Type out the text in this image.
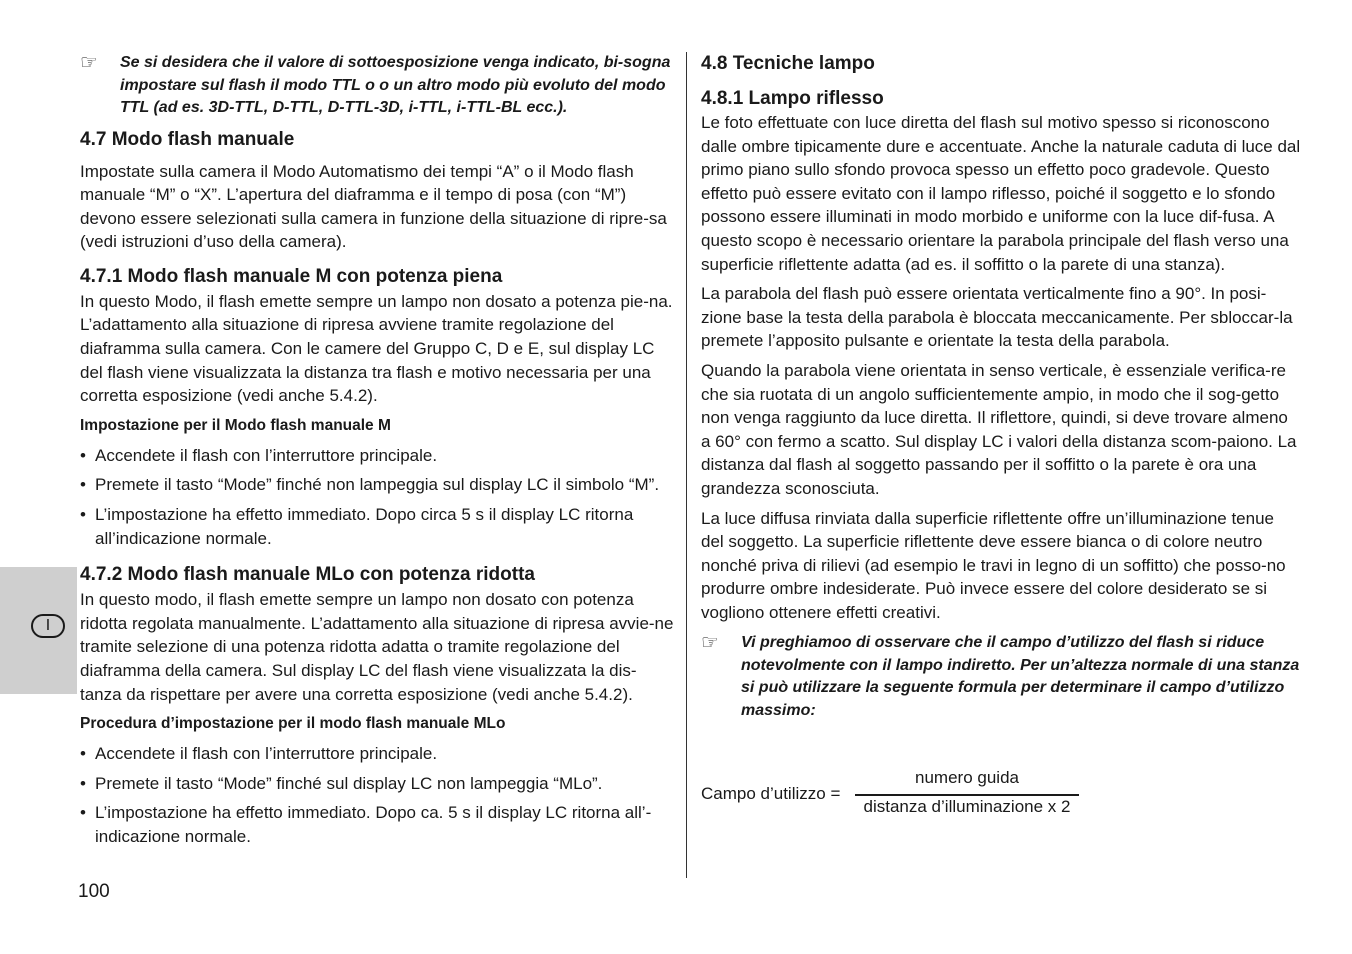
I
☞ Se si desidera che il valore di sottoesposizione venga indicato, bi-sogna impostare sul flash il modo TTL o o un altro modo più evoluto del modo TTL (ad es. 3D-TTL, D-TTL, D-TTL-3D, i-TTL, i-TTL-BL ecc.).
4.7 Modo flash manuale

Impostate sulla camera il Modo Automatismo dei tempi “A” o il Modo flash manuale “M” o “X”. L’apertura del diaframma e il tempo di posa (con “M”) devono essere selezionati sulla camera in funzione della situazione di ripre-sa (vedi istruzioni d’uso della camera).

4.7.1 Modo flash manuale M con potenza piena

In questo Modo, il flash emette sempre un lampo non dosato a potenza pie-na. L’adattamento alla situazione di ripresa avviene tramite regolazione del diaframma sulla camera. Con le camere del Gruppo C, D e E, sul display LC del flash viene visualizzata la distanza tra flash e motivo necessaria per una corretta esposizione (vedi anche 5.4.2).

Impostazione per il Modo flash manuale M
• Accendete il flash con l’interruttore principale.
• Premete il tasto “Mode” finché non lampeggia sul display LC il simbolo “M”.
• L’impostazione ha effetto immediato. Dopo circa 5 s il display LC ritorna all’indicazione normale.
4.7.2 Modo flash manuale MLo con potenza ridotta

In questo modo, il flash emette sempre un lampo non dosato con potenza ridotta regolata manualmente. L’adattamento alla situazione di ripresa avvie-ne tramite selezione di una potenza ridotta adatta o tramite regolazione del diaframma della camera. Sul display LC del flash viene visualizzata la dis-tanza da rispettare per avere una corretta esposizione (vedi anche 5.4.2).

Procedura d’impostazione per il modo flash manuale MLo
• Accendete il flash con l’interruttore principale.
• Premete il tasto “Mode” finché sul display LC non lampeggia “MLo”.
• L’impostazione ha effetto immediato. Dopo ca. 5 s il display LC ritorna all’-indicazione normale.
100
4.8 Tecniche lampo
4.8.1 Lampo riflesso

Le foto effettuate con luce diretta del flash sul motivo spesso si riconoscono dalle ombre tipicamente dure e accentuate. Anche la naturale caduta di luce dal primo piano sullo sfondo provoca spesso un effetto poco gradevole. Questo effetto può essere evitato con il lampo riflesso, poiché il soggetto e lo sfondo possono essere illuminati in modo morbido e uniforme con la luce dif-fusa. A questo scopo è necessario orientare la parabola principale del flash verso una superficie riflettente adatta (ad es. il soffitto o la parete di una stanza).

La parabola del flash può essere orientata verticalmente fino a 90°. In posi-zione base la testa della parabola è bloccata meccanicamente. Per sbloccar-la premete l’apposito pulsante e orientate la testa della parabola.

Quando la parabola viene orientata in senso verticale, è essenziale verifica-re che sia ruotata di un angolo sufficientemente ampio, in modo che il sog-getto non venga raggiunto da luce diretta. Il riflettore, quindi, si deve trovare almeno a 60° con fermo a scatto. Sul display LC i valori della distanza scom-paiono. La distanza dal flash al soggetto passando per il soffitto o la parete è ora una grandezza sconosciuta.

La luce diffusa rinviata dalla superficie riflettente offre un’illuminazione tenue del soggetto. La superficie riflettente deve essere bianca o di colore neutro nonché priva di rilievi (ad esempio le travi in legno di un soffitto) che posso-no produrre ombre indesiderate. Può invece essere del colore desiderato se si vogliono ottenere effetti creativi.

☞ Vi preghiamoo di osservare che il campo d’utilizzo del flash si riduce notevolmente con il lampo indiretto. Per un’altezza normale di una stanza si può utilizzare la seguente formula per determinare il campo d’utilizzo massimo:
Campo d’utilizzo =
numero guida
distanza d’illuminazione x 2
